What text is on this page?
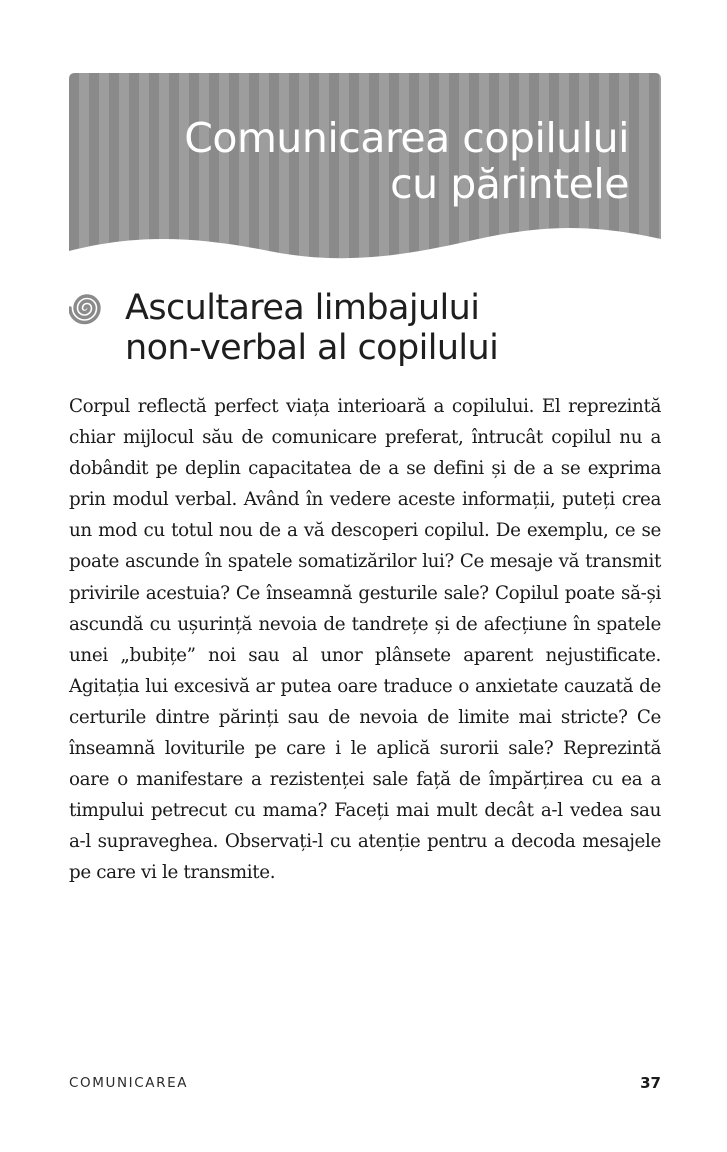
Comunicarea copilului
cu părintele
Ascultarea limbajului
non-verbal al copilului

Corpul reflectă perfect viața interioară a copilului. El reprezintă chiar mijlocul său de comunicare preferat, întrucât copilul nu a dobândit pe deplin capacitatea de a se defini și de a se exprima prin modul verbal. Având în vedere aceste informații, puteți crea un mod cu totul nou de a vă descoperi copilul. De exemplu, ce se poate ascunde în spatele somatizărilor lui? Ce mesaje vă transmit privirile acestuia? Ce înseamnă gesturile sale? Copilul poate să-și ascundă cu ușurință nevoia de tandrețe și de afecțiune în spatele unei „bubițe” noi sau al unor plânsete aparent nejustificate. Agitația lui excesivă ar putea oare traduce o anxietate cauzată de certurile dintre părinți sau de nevoia de limite mai stricte? Ce înseamnă loviturile pe care i le aplică surorii sale? Reprezintă oare o manifestare a rezistenței sale față de împărțirea cu ea a timpului petrecut cu mama? Faceți mai mult decât a-l vedea sau a-l supraveghea. Observați-l cu atenție pentru a decoda mesajele pe care vi le transmite.

COMUNICAREA	37
